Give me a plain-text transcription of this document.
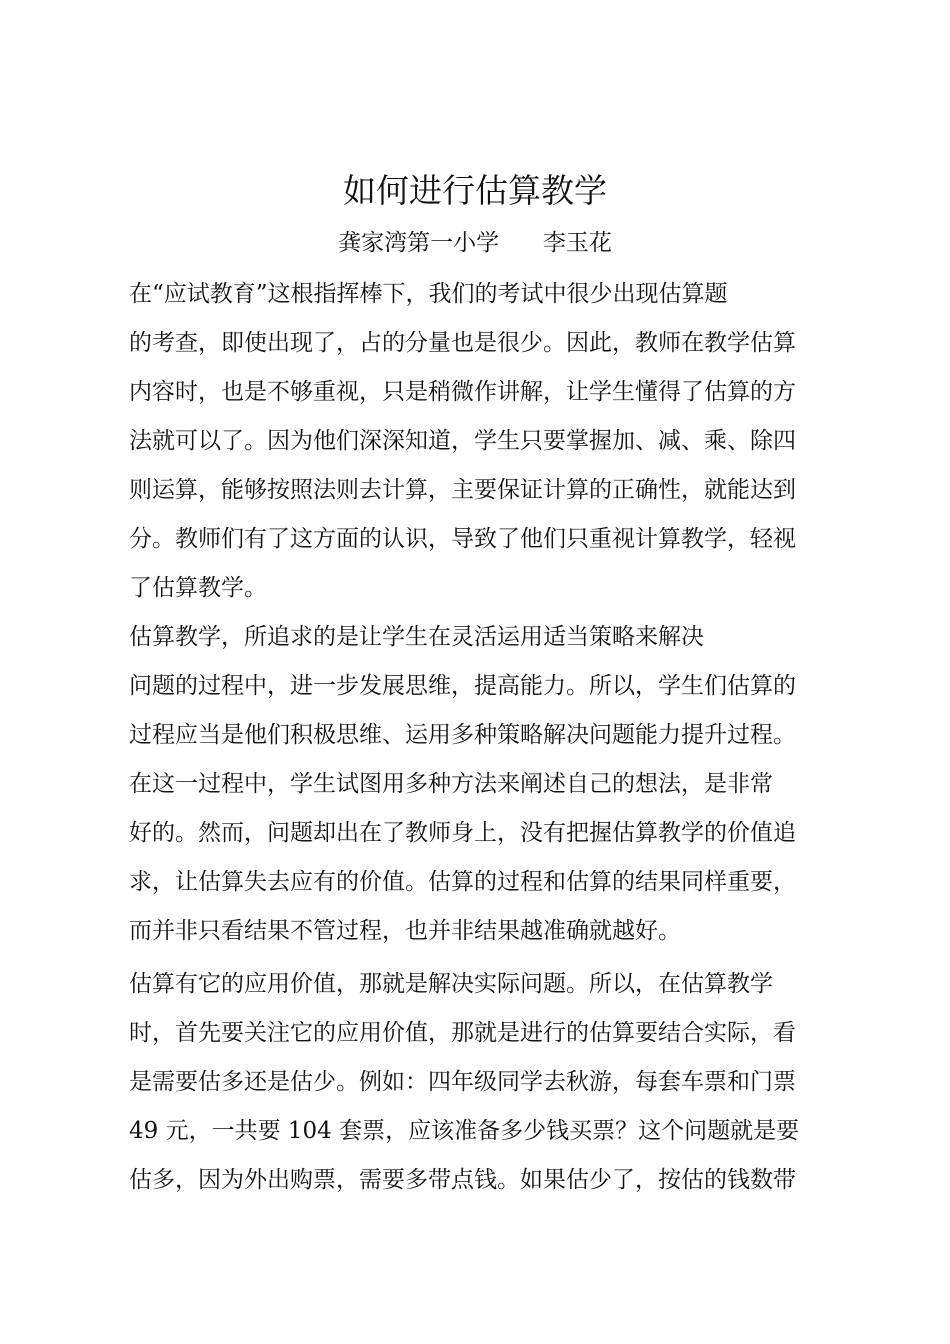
如何进行估算教学

龚家湾第一小学      李玉花

在“应试教育”这根指挥棒下，我们的考试中很少出现估算题

的考查，即使出现了，占的分量也是很少。因此，教师在教学估算

内容时，也是不够重视，只是稍微作讲解，让学生懂得了估算的方

法就可以了。因为他们深深知道，学生只要掌握加、减、乘、除四

则运算，能够按照法则去计算，主要保证计算的正确性，就能达到

分。教师们有了这方面的认识，导致了他们只重视计算教学，轻视

了估算教学。

估算教学，所追求的是让学生在灵活运用适当策略来解决

问题的过程中，进一步发展思维，提高能力。所以，学生们估算的

过程应当是他们积极思维、运用多种策略解决问题能力提升过程。

在这一过程中，学生试图用多种方法来阐述自己的想法，是非常

好的。然而，问题却出在了教师身上，没有把握估算教学的价值追

求，让估算失去应有的价值。估算的过程和估算的结果同样重要，

而并非只看结果不管过程，也并非结果越准确就越好。

估算有它的应用价值，那就是解决实际问题。所以，在估算教学

时，首先要关注它的应用价值，那就是进行的估算要结合实际，看

是需要估多还是估少。例如：四年级同学去秋游，每套车票和门票

49 元，一共要 104 套票，应该准备多少钱买票？这个问题就是要

估多，因为外出购票，需要多带点钱。如果估少了，按估的钱数带
